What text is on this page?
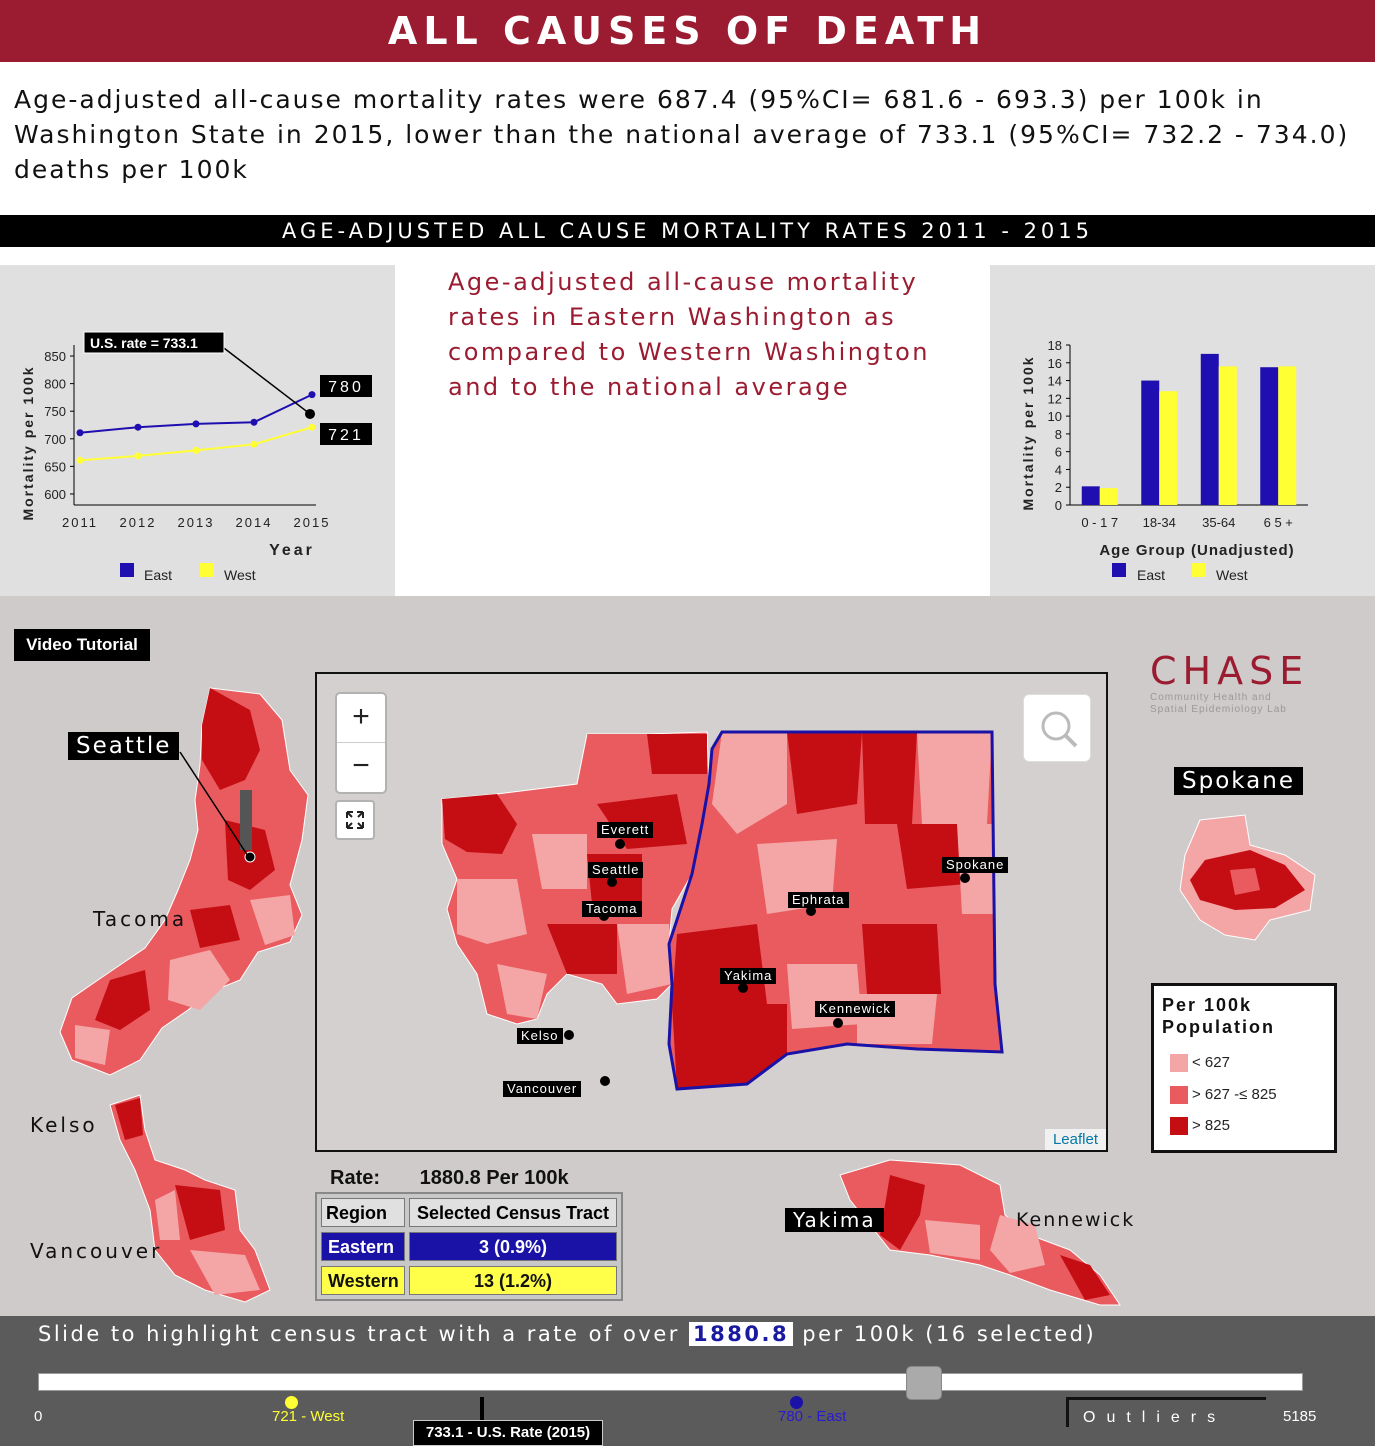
ALL CAUSES OF DEATH
Age-adjusted all-cause mortality rates were 687.4 (95%CI= 681.6 - 693.3) per 100k in Washington State in 2015, lower than the national average of 733.1 (95%CI= 732.2 - 734.0) deaths per 100k
AGE-ADJUSTED ALL CAUSE MORTALITY RATES 2011 - 2015
600
650
700
750
800
850
2011 2012 2013 2014 2015
Year
Mortality per 100k
U.S. rate = 733.1
780
721
East	West
Age-adjusted all-cause mortality rates in Eastern Washington as compared to Western Washington and to the national average
0
2
4
6
8
10
12
14
16
18
0 - 1 7 18-34 35-64 6 5 +
Age Group (Unadjusted)
Mortality per 100k
East	West
Video Tutorial
Seattle
Tacoma
Kelso
Vancouver
CHASE
Community Health and
Spatial Epidemiology Lab
Spokane
Yakima	Kennewick
Everett
Seattle
Tacoma
Ephrata
Spokane
Yakima
Kennewick
Kelso
Vancouver
+
−
Leaflet
Per 100k
Population
< 627
> 627 -≤ 825
> 825
Rate: 1880.8 Per 100k
Region	Selected Census Tract
Eastern	3 (0.9%)
Western	13 (1.2%)
Slide to highlight census tract with a rate of over 1880.8 per 100k (16 selected)
0	5185
721 - West	780 - East
733.1 - U.S. Rate (2015)
Outliers
